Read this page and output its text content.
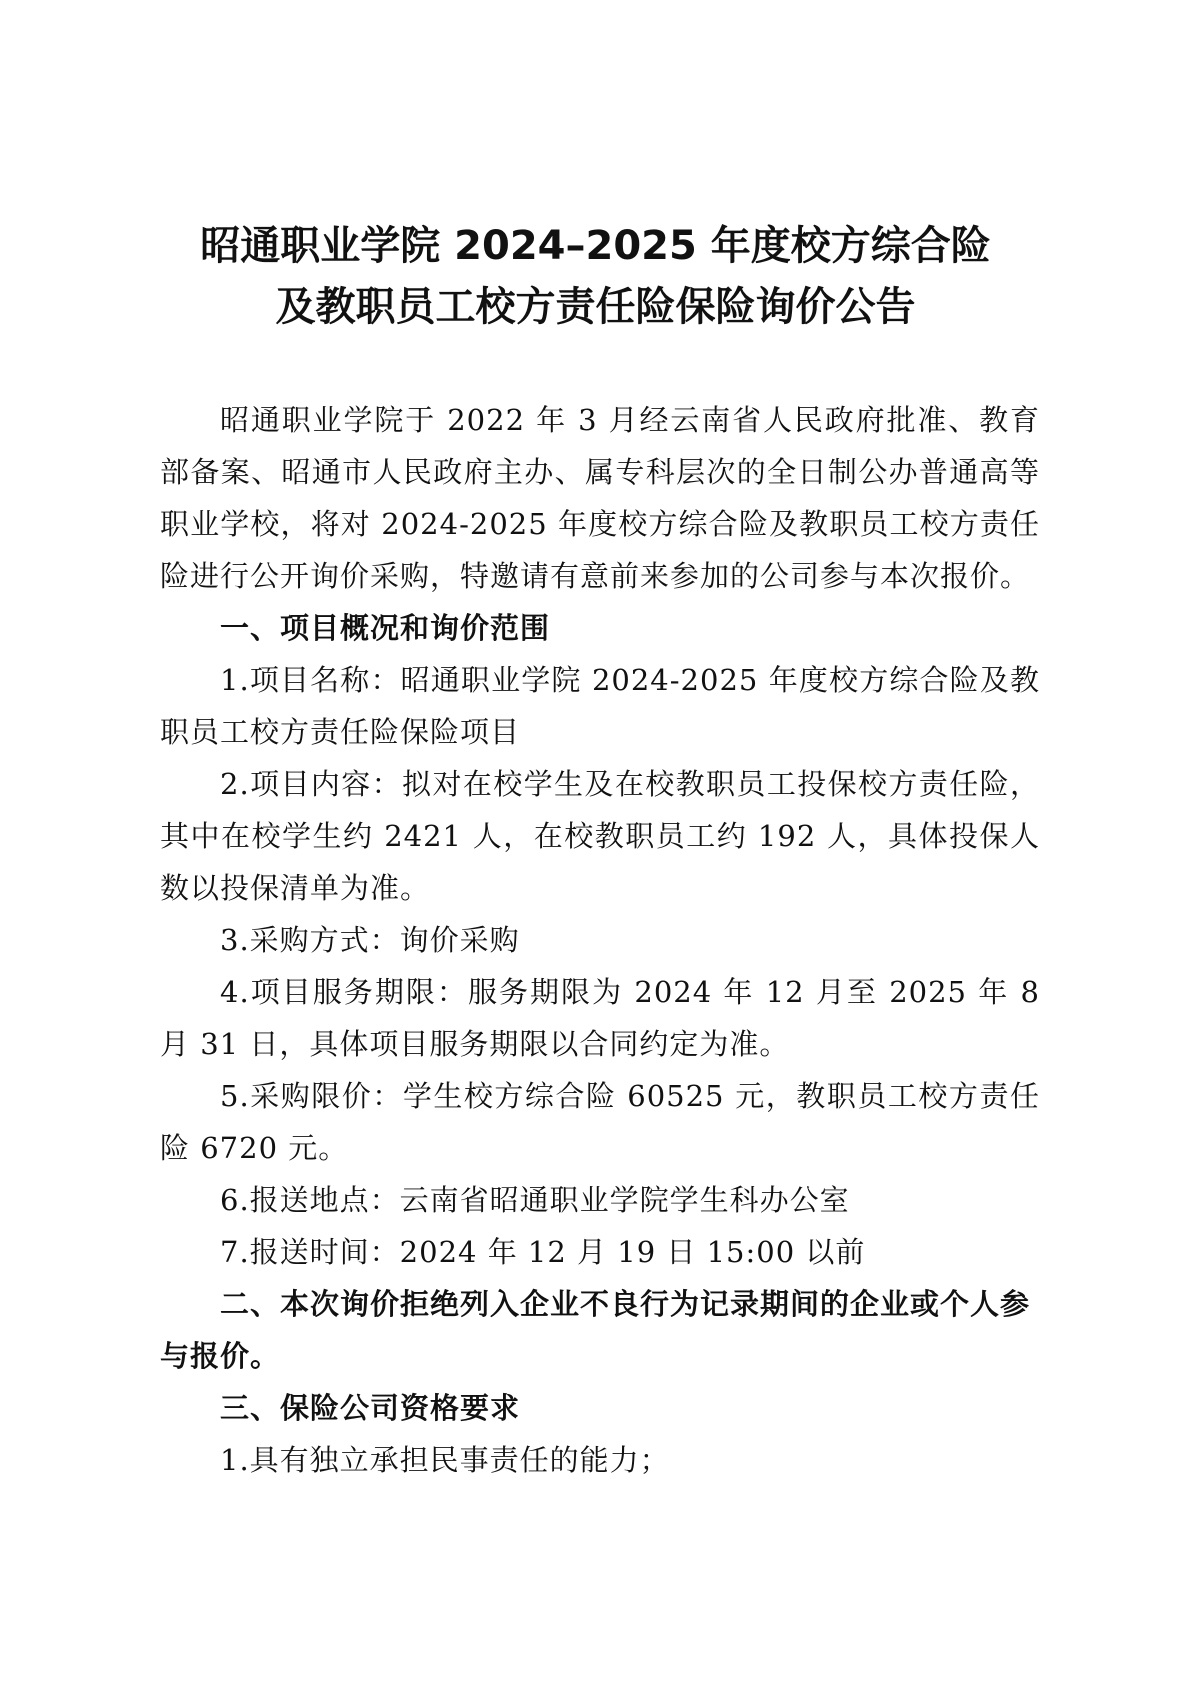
昭通职业学院 2024–2025 年度校方综合险
及教职员工校方责任险保险询价公告

昭通职业学院于 2022 年 3 月经云南省人民政府批准、教育部备案、昭通市人民政府主办、属专科层次的全日制公办普通高等职业学校，将对 2024-2025 年度校方综合险及教职员工校方责任险进行公开询价采购，特邀请有意前来参加的公司参与本次报价。

一、项目概况和询价范围

1.项目名称：昭通职业学院 2024-2025 年度校方综合险及教职员工校方责任险保险项目

2.项目内容：拟对在校学生及在校教职员工投保校方责任险，其中在校学生约 2421 人，在校教职员工约 192 人，具体投保人数以投保清单为准。

3.采购方式：询价采购

4.项目服务期限：服务期限为 2024 年 12 月至 2025 年 8 月 31 日，具体项目服务期限以合同约定为准。

5.采购限价：学生校方综合险 60525 元，教职员工校方责任险 6720 元。

6.报送地点：云南省昭通职业学院学生科办公室

7.报送时间：2024 年 12 月 19 日 15:00 以前

二、本次询价拒绝列入企业不良行为记录期间的企业或个人参与报价。

三、保险公司资格要求

1.具有独立承担民事责任的能力；
